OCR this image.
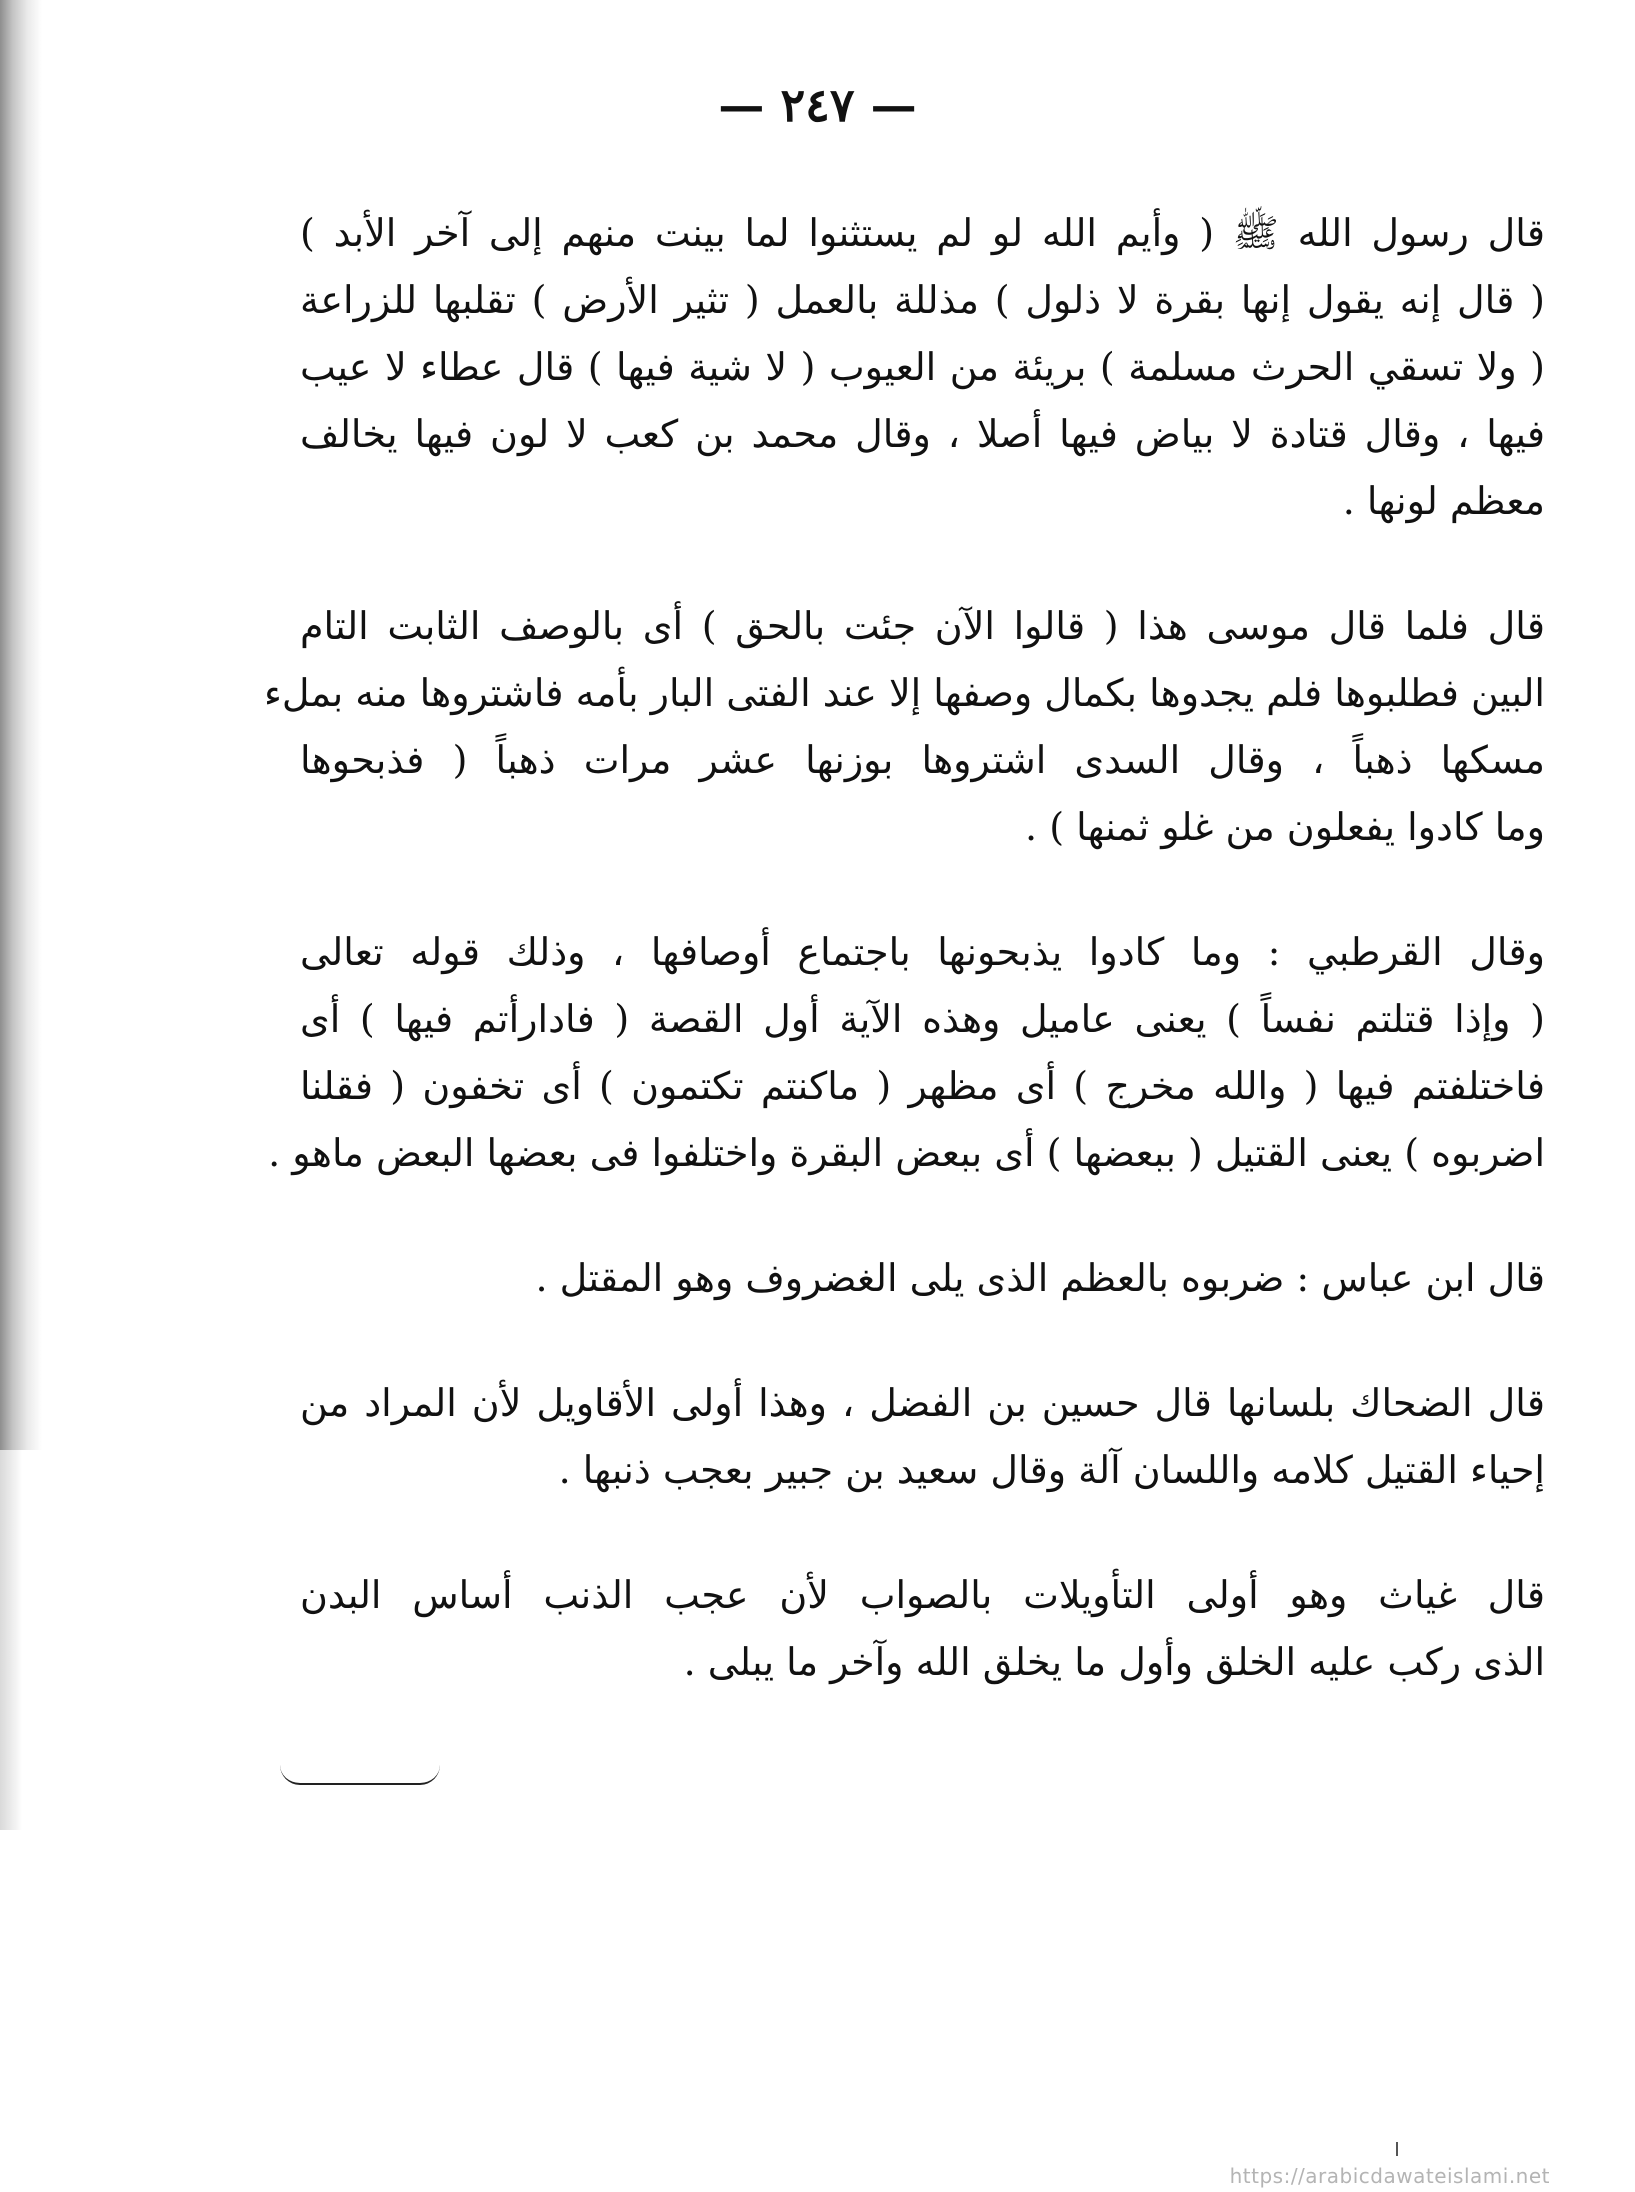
— ٢٤٧ —
قال رسول الله ﷺ ( وأيم الله لو لم يستثنوا لما بينت منهم إلى آخر الأبد )
( قال إنه يقول إنها بقرة لا ذلول ) مذللة بالعمل ( تثير الأرض ) تقلبها للزراعة
( ولا تسقي الحرث مسلمة ) بريئة من العيوب ( لا شية فيها ) قال عطاء لا عيب
فيها ، وقال قتادة لا بياض فيها أصلا ، وقال محمد بن كعب لا لون فيها يخالف
معظم لونها .
قال فلما قال موسى هذا ( قالوا الآن جئت بالحق ) أى بالوصف الثابت التام
البين فطلبوها فلم يجدوها بكمال وصفها إلا عند الفتى البار بأمه فاشتروها منه بملء
مسكها ذهباً ، وقال السدى اشتروها بوزنها عشر مرات ذهباً ( فذبحوها
وما كادوا يفعلون من غلو ثمنها ) .
وقال القرطبي : وما كادوا يذبحونها باجتماع أوصافها ، وذلك قوله تعالى
( وإذا قتلتم نفساً ) يعنى عاميل وهذه الآية أول القصة ( فادارأتم فيها ) أى
فاختلفتم فيها ( والله مخرج ) أى مظهر ( ماكنتم تكتمون ) أى تخفون ( فقلنا
اضربوه ) يعنى القتيل ( ببعضها ) أى ببعض البقرة واختلفوا فى بعضها البعض ماهو .
قال ابن عباس : ضربوه بالعظم الذى يلى الغضروف وهو المقتل .
قال الضحاك بلسانها قال حسين بن الفضل ، وهذا أولى الأقاويل لأن المراد من
إحياء القتيل كلامه واللسان آلة وقال سعيد بن جبير بعجب ذنبها .
قال غياث وهو أولى التأويلات بالصواب لأن عجب الذنب أساس البدن
الذى ركب عليه الخلق وأول ما يخلق الله وآخر ما يبلى .
https://arabicdawateislami.net
